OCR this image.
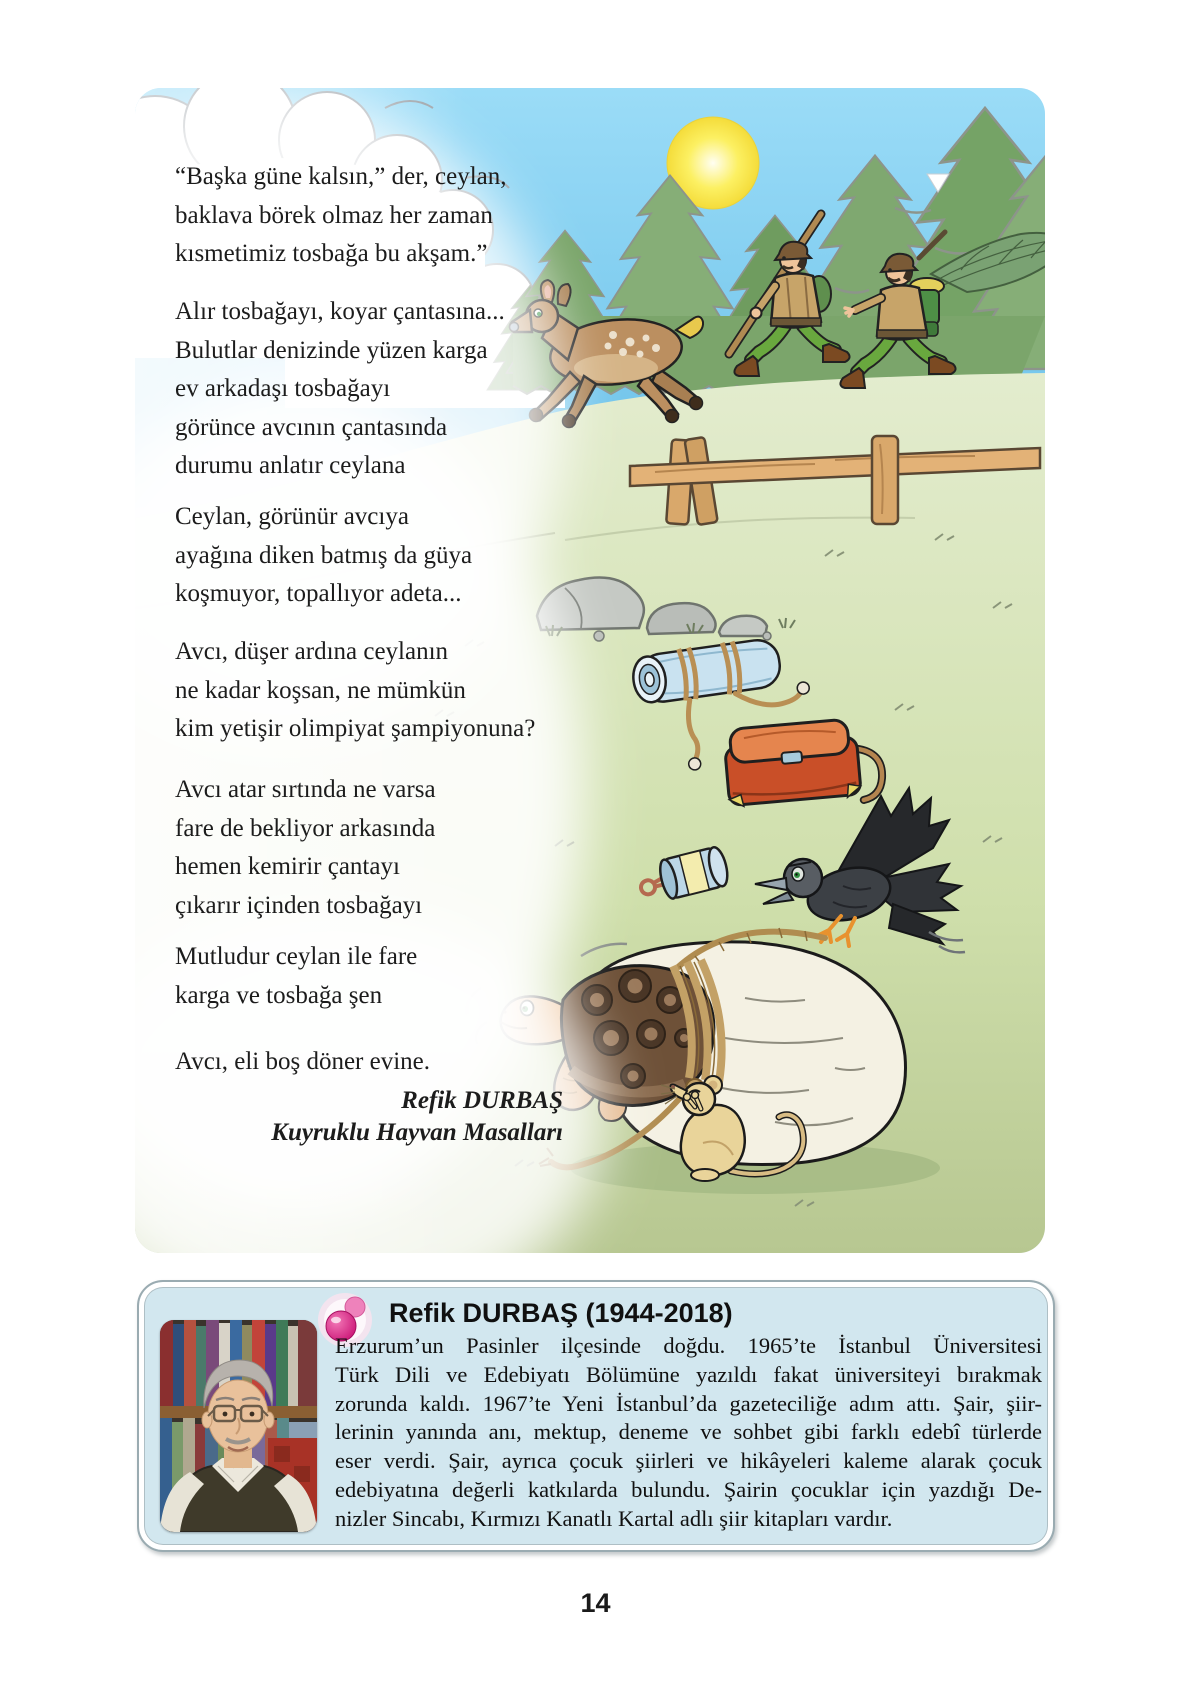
“Başka güne kalsın,” der, ceylan,
baklava börek olmaz her zaman
kısmetimiz tosbağa bu akşam.”
Alır tosbağayı, koyar çantasına...
Bulutlar denizinde yüzen karga
ev arkadaşı tosbağayı
görünce avcının çantasında
durumu anlatır ceylana
Ceylan, görünür avcıya
ayağına diken batmış da güya
koşmuyor, topallıyor adeta...
Avcı, düşer ardına ceylanın
ne kadar koşsan, ne mümkün
kim yetişir olimpiyat şampiyonuna?
Avcı atar sırtında ne varsa
fare de bekliyor arkasında
hemen kemirir çantayı
çıkarır içinden tosbağayı
Mutludur ceylan ile fare
karga ve tosbağa şen
Avcı, eli boş döner evine.
Refik DURBAŞ
Kuyruklu Hayvan Masalları
Refik DURBAŞ (1944-2018)
Erzurum’un Pasinler ilçesinde doğdu. 1965’te İstanbul Üniversitesi
Türk Dili ve Edebiyatı Bölümüne yazıldı fakat üniversiteyi bırakmak
zorunda kaldı. 1967’te Yeni İstanbul’da gazeteciliğe adım attı. Şair, şiir-
lerinin yanında anı, mektup, deneme ve sohbet gibi farklı edebî türlerde
eser verdi. Şair, ayrıca çocuk şiirleri ve hikâyeleri kaleme alarak çocuk
edebiyatına değerli katkılarda bulundu. Şairin çocuklar için yazdığı De-
nizler Sincabı, Kırmızı Kanatlı Kartal adlı şiir kitapları vardır.
14
